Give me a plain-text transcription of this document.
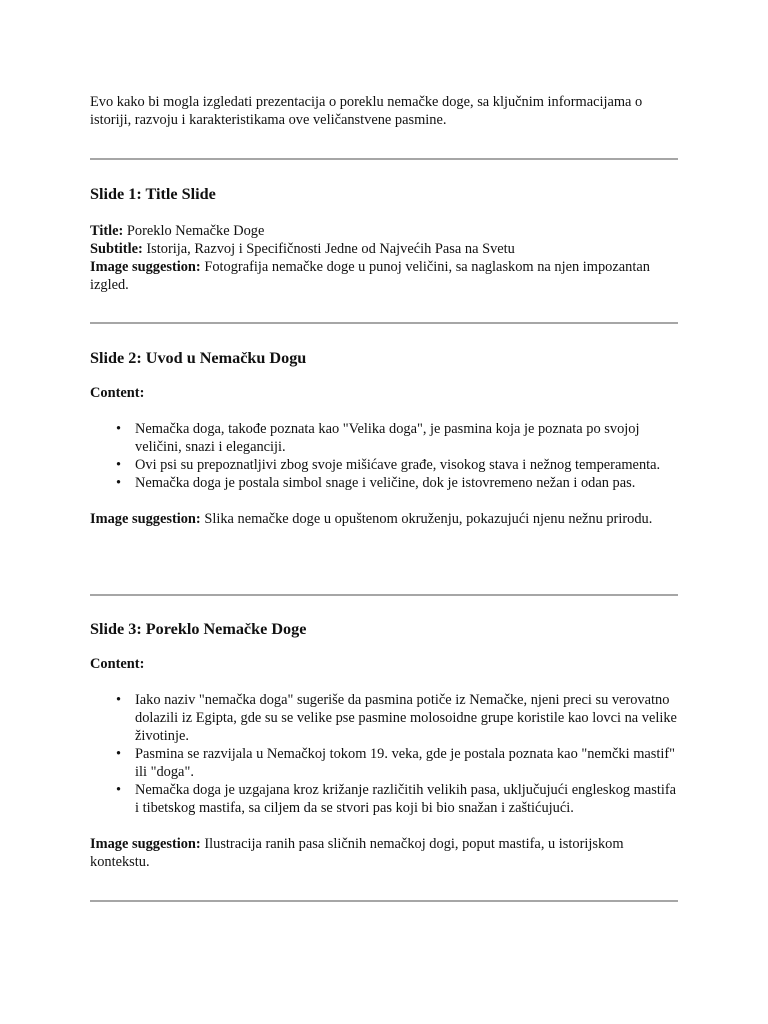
Evo kako bi mogla izgledati prezentacija o poreklu nemačke doge, sa ključnim informacijama o istoriji, razvoju i karakteristikama ove veličanstvene pasmine.

Slide 1: Title Slide

Title: Poreklo Nemačke Doge

Subtitle: Istorija, Razvoj i Specifičnosti Jedne od Najvećih Pasa na Svetu

Image suggestion: Fotografija nemačke doge u punoj veličini, sa naglaskom na njen impozantan izgled.

Slide 2: Uvod u Nemačku Dogu

Content:

• Nemačka doga, takođe poznata kao "Velika doga", je pasmina koja je poznata po svojoj veličini, snazi i eleganciji.
• Ovi psi su prepoznatljivi zbog svoje mišićave građe, visokog stava i nežnog temperamenta.
• Nemačka doga je postala simbol snage i veličine, dok je istovremeno nežan i odan pas.

Image suggestion: Slika nemačke doge u opuštenom okruženju, pokazujući njenu nežnu prirodu.

Slide 3: Poreklo Nemačke Doge

Content:

• Iako naziv "nemačka doga" sugeriše da pasmina potiče iz Nemačke, njeni preci su verovatno dolazili iz Egipta, gde su se velike pse pasmine molosoidne grupe koristile kao lovci na velike životinje.
• Pasmina se razvijala u Nemačkoj tokom 19. veka, gde je postala poznata kao "nemčki mastif" ili "doga".
• Nemačka doga je uzgajana kroz križanje različitih velikih pasa, uključujući engleskog mastifa i tibetskog mastifa, sa ciljem da se stvori pas koji bi bio snažan i zaštićujući.

Image suggestion: Ilustracija ranih pasa sličnih nemačkoj dogi, poput mastifa, u istorijskom kontekstu.
